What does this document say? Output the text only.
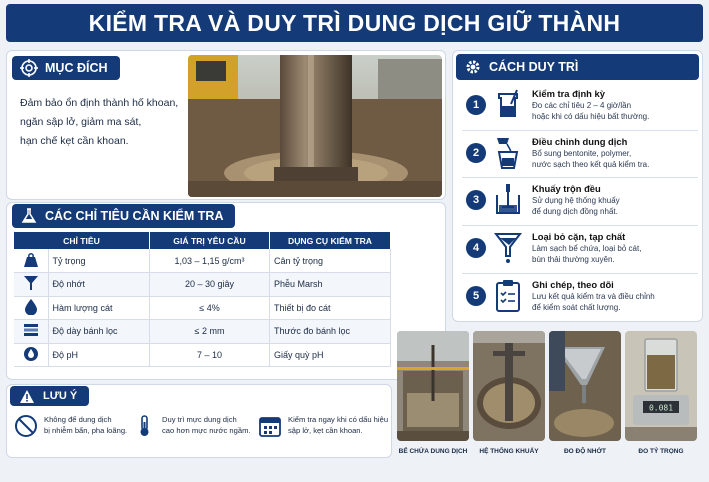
KIỂM TRA VÀ DUY TRÌ DUNG DỊCH GIỮ THÀNH
MỤC ĐÍCH
Đảm bảo ổn định thành hố khoan,
ngăn sập lở, giảm ma sát,
hạn chế kẹt cần khoan.
CÁC CHỈ TIÊU CẦN KIỂM TRA
CHỈ TIÊU		GIÁ TRỊ YÊU CẦU	DỤNG CỤ KIỂM TRA
	Tỷ trọng	1,03 – 1,15 g/cm³	Cân tỷ trọng
	Độ nhớt	20 – 30 giây	Phễu Marsh
	Hàm lượng cát	≤ 4%	Thiết bị đo cát
	Độ dày bánh lọc	≤ 2 mm	Thước đo bánh lọc
	Độ pH	7 – 10	Giấy quỳ pH
LƯU Ý
Không để dung dịch
bị nhiễm bẩn, pha loãng.
Duy trì mực dung dịch
cao hơn mực nước ngầm.
Kiểm tra ngay khi có dấu hiệu
sập lở, kẹt cần khoan.
CÁCH DUY TRÌ
1
Kiểm tra định kỳ
Đo các chỉ tiêu 2 – 4 giờ/lần
hoặc khi có dấu hiệu bất thường.
2
Điều chỉnh dung dịch
Bổ sung bentonite, polymer,
nước sạch theo kết quả kiểm tra.
3
Khuấy trộn đều
Sử dụng hệ thống khuấy
để dung dịch đồng nhất.
4
Loại bỏ cặn, tạp chất
Làm sạch bể chứa, loại bỏ cát,
bùn thải thường xuyên.
5
Ghi chép, theo dõi
Lưu kết quả kiểm tra và điều chỉnh
để kiểm soát chất lượng.
0.081
BỂ CHỨA DUNG DỊCH	HỆ THỐNG KHUẤY	ĐO ĐỘ NHỚT	ĐO TỶ TRỌNG
